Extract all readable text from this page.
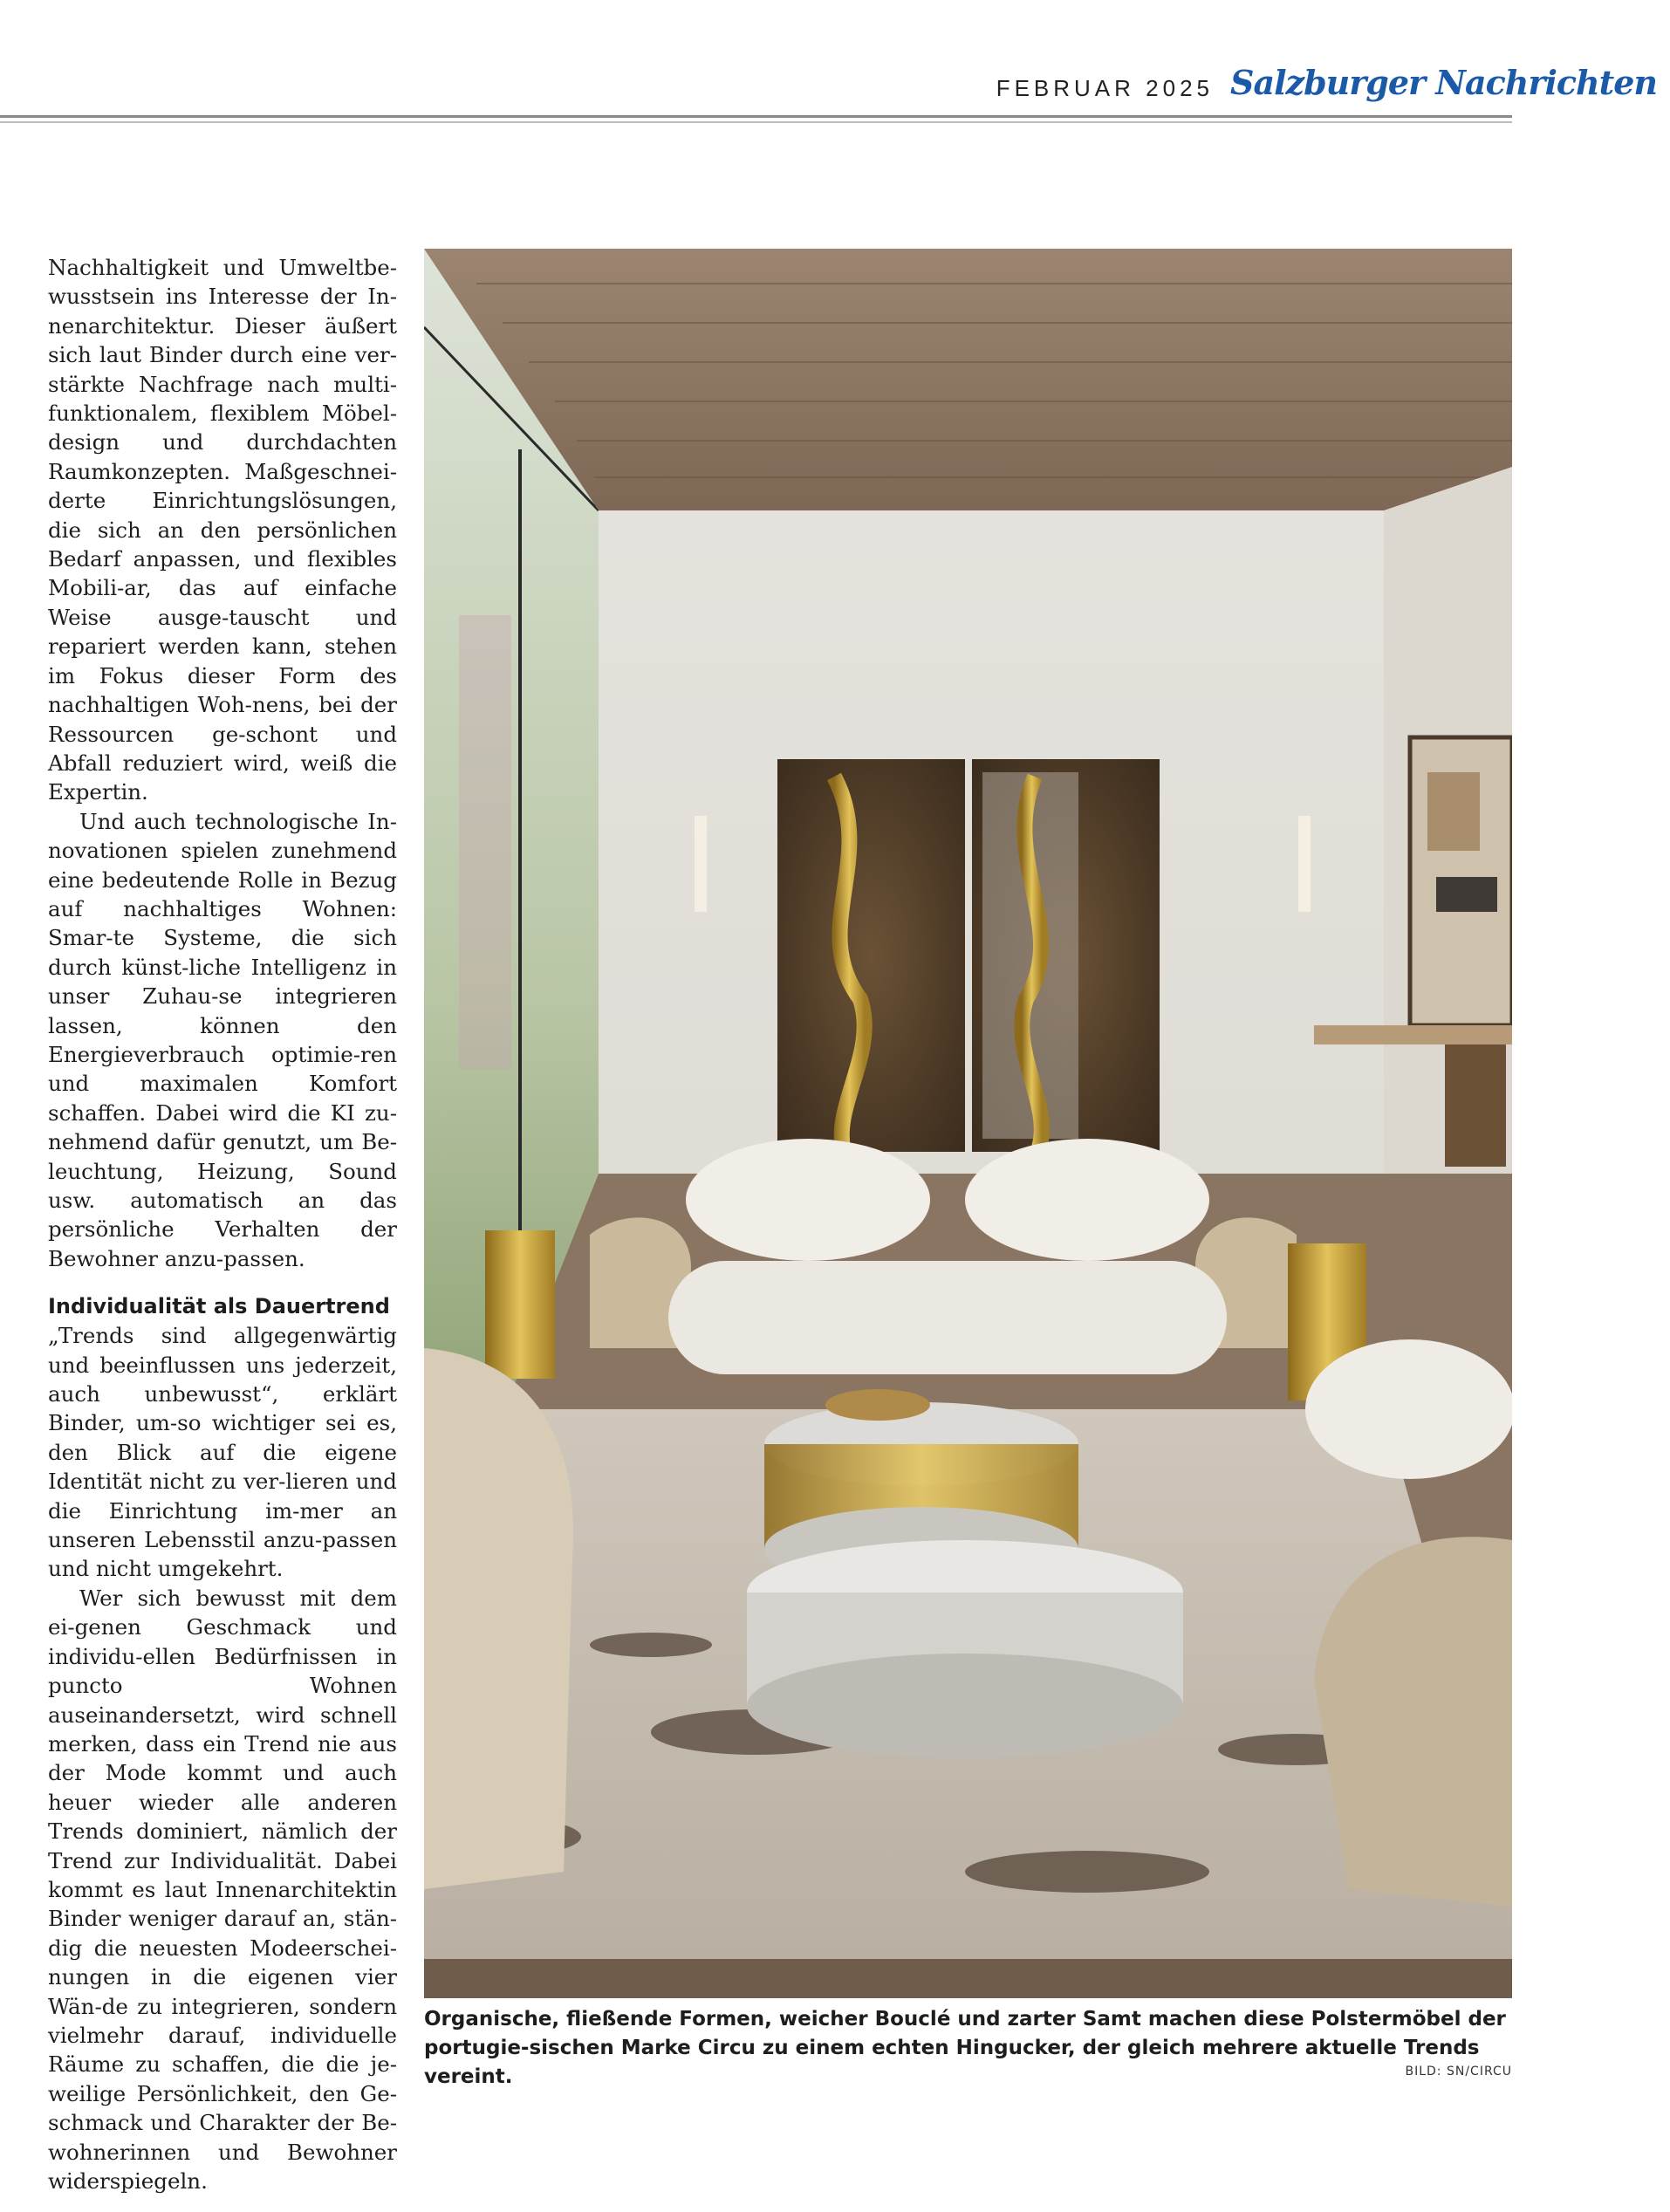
FEBRUAR 2025 Salzburger Nachrichten

Nachhaltigkeit und Umweltbe-wusstsein ins Interesse der In-nenarchitektur. Dieser äußert sich laut Binder durch eine ver-stärkte Nachfrage nach multi-funktionalem, flexiblem Möbel-design und durchdachten Raumkonzepten. Maßgeschnei-derte Einrichtungslösungen, die sich an den persönlichen Bedarf anpassen, und flexibles Mobili-ar, das auf einfache Weise ausge-tauscht und repariert werden kann, stehen im Fokus dieser Form des nachhaltigen Woh-nens, bei der Ressourcen ge-schont und Abfall reduziert wird, weiß die Expertin.

Und auch technologische In-novationen spielen zunehmend eine bedeutende Rolle in Bezug auf nachhaltiges Wohnen: Smar-te Systeme, die sich durch künst-liche Intelligenz in unser Zuhau-se integrieren lassen, können den Energieverbrauch optimie-ren und maximalen Komfort schaffen. Dabei wird die KI zu-nehmend dafür genutzt, um Be-leuchtung, Heizung, Sound usw. automatisch an das persönliche Verhalten der Bewohner anzu-passen.

Individualität als Dauertrend

„Trends sind allgegenwärtig und beeinflussen uns jederzeit, auch unbewusst“, erklärt Binder, um-so wichtiger sei es, den Blick auf die eigene Identität nicht zu ver-lieren und die Einrichtung im-mer an unseren Lebensstil anzu-passen und nicht umgekehrt.

Wer sich bewusst mit dem ei-genen Geschmack und individu-ellen Bedürfnissen in puncto Wohnen auseinandersetzt, wird schnell merken, dass ein Trend nie aus der Mode kommt und auch heuer wieder alle anderen Trends dominiert, nämlich der Trend zur Individualität. Dabei kommt es laut Innenarchitektin Binder weniger darauf an, stän-dig die neuesten Modeerschei-nungen in die eigenen vier Wän-de zu integrieren, sondern vielmehr darauf, individuelle Räume zu schaffen, die die je-weilige Persönlichkeit, den Ge-schmack und Charakter der Be-wohnerinnen und Bewohner widerspiegeln.

Organische, fließende Formen, weicher Bouclé und zarter Samt machen diese Polstermöbel der portugie-sischen Marke Circu zu einem echten Hingucker, der gleich mehrere aktuelle Trends vereint.	BILD: SN/CIRCU
